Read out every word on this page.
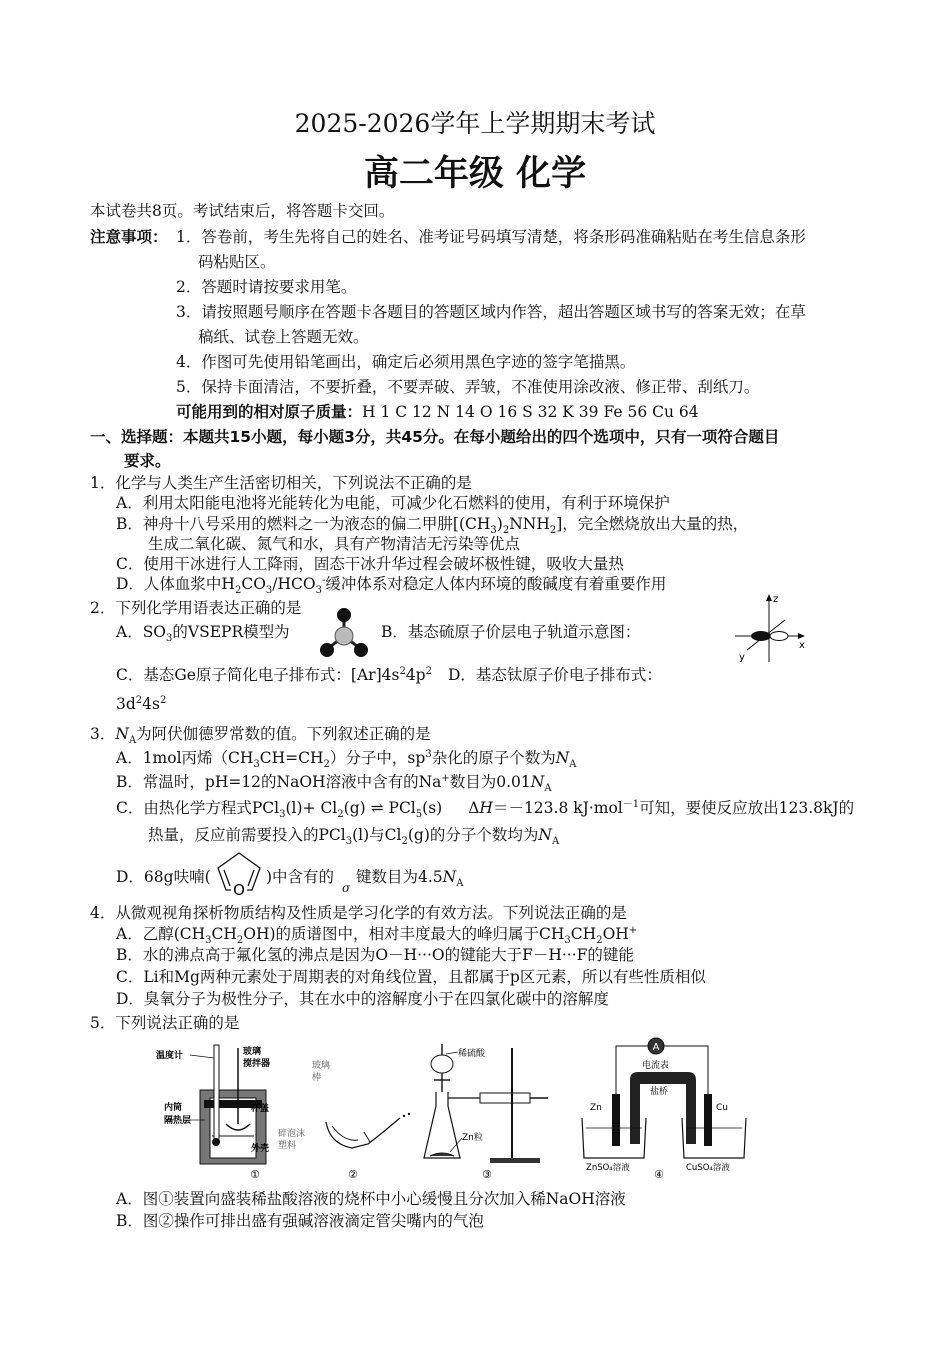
2025-2026学年上学期期末考试
高二年级 化学
本试卷共8页。考试结束后，将答题卡交回。
注意事项： 1．答卷前，考生先将自己的姓名、准考证号码填写清楚，将条形码准确粘贴在考生信息条形
码粘贴区。
2．答题时请按要求用笔。
3．请按照题号顺序在答题卡各题目的答题区域内作答，超出答题区域书写的答案无效；在草
稿纸、试卷上答题无效。
4．作图可先使用铅笔画出，确定后必须用黑色字迹的签字笔描黑。
5．保持卡面清洁，不要折叠，不要弄破、弄皱，不准使用涂改液、修正带、刮纸刀。
可能用到的相对原子质量：H 1 C 12 N 14 O 16 S 32 K 39 Fe 56 Cu 64
一、选择题：本题共15小题，每小题3分，共45分。在每小题给出的四个选项中，只有一项符合题目
要求。
1．化学与人类生产生活密切相关，下列说法不正确的是
A．利用太阳能电池将光能转化为电能，可减少化石燃料的使用，有利于环境保护
B．神舟十八号采用的燃料之一为液态的偏二甲肼$[(CH_3)_2NNH_2]$，完全燃烧放出大量的热，
生成二氧化碳、氮气和水，具有产物清洁无污染等优点
C．使用干冰进行人工降雨，固态干冰升华过程会破坏极性键，吸收大量热
D．人体血浆中$H_2CO_3/HCO_3^-$缓冲体系对稳定人体内环境的酸碱度有着重要作用
2．下列化学用语表达正确的是
A．$SO_3$的VSEPR模型为	B．基态硫原子价层电子轨道示意图：
z
x
y
C．基态Ge原子简化电子排布式：$[Ar]4s^24p^2$ D．基态钛原子价电子排布式：
$3d^24s^2$
3．$N_A$为阿伏伽德罗常数的值。下列叙述正确的是
A．1mol丙烯$(CH_3CH=CH_2)$分子中，$sp^3$杂化的原子个数为$N_A$
B．常温时，pH=12的NaOH溶液中含有的Na+数目为$0.01N_A$
C．由热化学方程式$PCl_3(l)+ Cl_2(g)$ ⇌ PCl$_5$(s) ΔH＝－123.8 kJ·mol$^{-1}$可知，要使反应放出123.8kJ的
热量，反应前需要投入的PCl$_3$(l)与$Cl_2(g)$的分子个数均为$N_A$
D．68g呋喃(
O
)中含有的
σ
键数目为$4.5N_A$
4．从微观视角探析物质结构及性质是学习化学的有效方法。下列说法正确的是
A．乙醇$(CH_3CH_2OH)$的质谱图中，相对丰度最大的峰归属于$CH_3CH_2OH^+$
B．水的沸点高于氟化氢的沸点是因为O－H···O的键能大于F－H···F的键能
C．Li和Mg两种元素处于周期表的对角线位置，且都属于p区元素，所以有些性质相似
D．臭氧分子为极性分子，其在水中的溶解度小于在四氯化碳中的溶解度
5．下列说法正确的是
温度计	玻璃
搅拌器
杯盖
内筒
隔热层
外壳
①
玻璃
棒
碎泡沫
塑料
②
稀硫酸
Zn粒
③
A
电流表
盐桥
Zn	Cu
ZnSO₄溶液	CuSO₄溶液
④
A．图①装置向盛装稀盐酸溶液的烧杯中小心缓慢且分次加入稀NaOH溶液
B．图②操作可排出盛有强碱溶液滴定管尖嘴内的气泡
